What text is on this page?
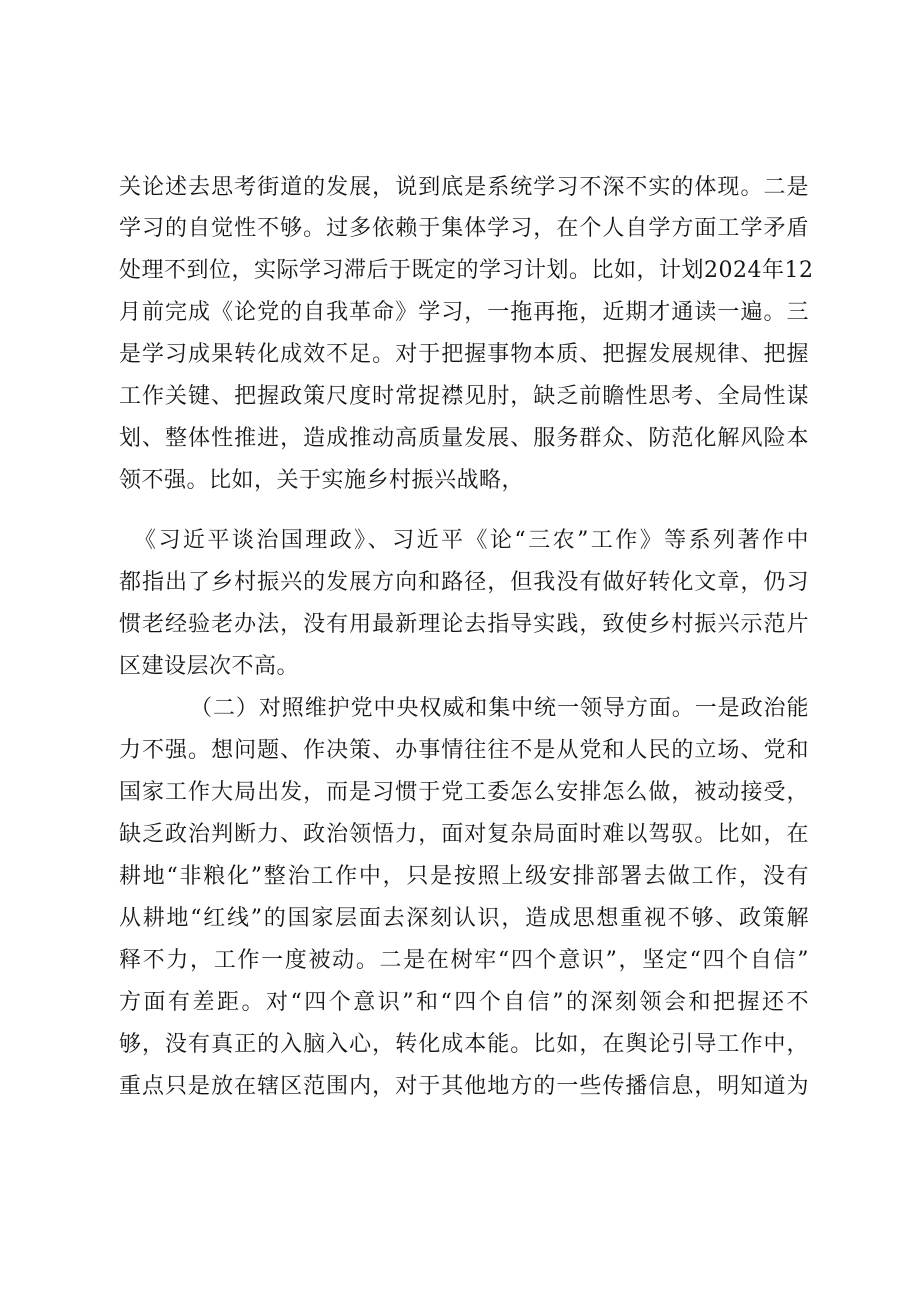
关论述去思考街道的发展，说到底是系统学习不深不实的体现。二是

学习的自觉性不够。过多依赖于集体学习，在个人自学方面工学矛盾

处理不到位，实际学习滞后于既定的学习计划。比如，计划2024年12

月前完成《论党的自我革命》学习，一拖再拖，近期才通读一遍。三

是学习成果转化成效不足。对于把握事物本质、把握发展规律、把握

工作关键、把握政策尺度时常捉襟见肘，缺乏前瞻性思考、全局性谋

划、整体性推进，造成推动高质量发展、服务群众、防范化解风险本

领不强。比如，关于实施乡村振兴战略，

《习近平谈治国理政》、习近平《论“三农”工作》等系列著作中

都指出了乡村振兴的发展方向和路径，但我没有做好转化文章，仍习

惯老经验老办法，没有用最新理论去指导实践，致使乡村振兴示范片

区建设层次不高。

（二）对照维护党中央权威和集中统一领导方面。一是政治能

力不强。想问题、作决策、办事情往往不是从党和人民的立场、党和

国家工作大局出发，而是习惯于党工委怎么安排怎么做，被动接受，

缺乏政治判断力、政治领悟力，面对复杂局面时难以驾驭。比如，在

耕地“非粮化”整治工作中，只是按照上级安排部署去做工作，没有

从耕地“红线”的国家层面去深刻认识，造成思想重视不够、政策解

释不力，工作一度被动。二是在树牢“四个意识”，坚定“四个自信”

方面有差距。对“四个意识”和“四个自信”的深刻领会和把握还不

够，没有真正的入脑入心，转化成本能。比如，在舆论引导工作中，

重点只是放在辖区范围内，对于其他地方的一些传播信息，明知道为
